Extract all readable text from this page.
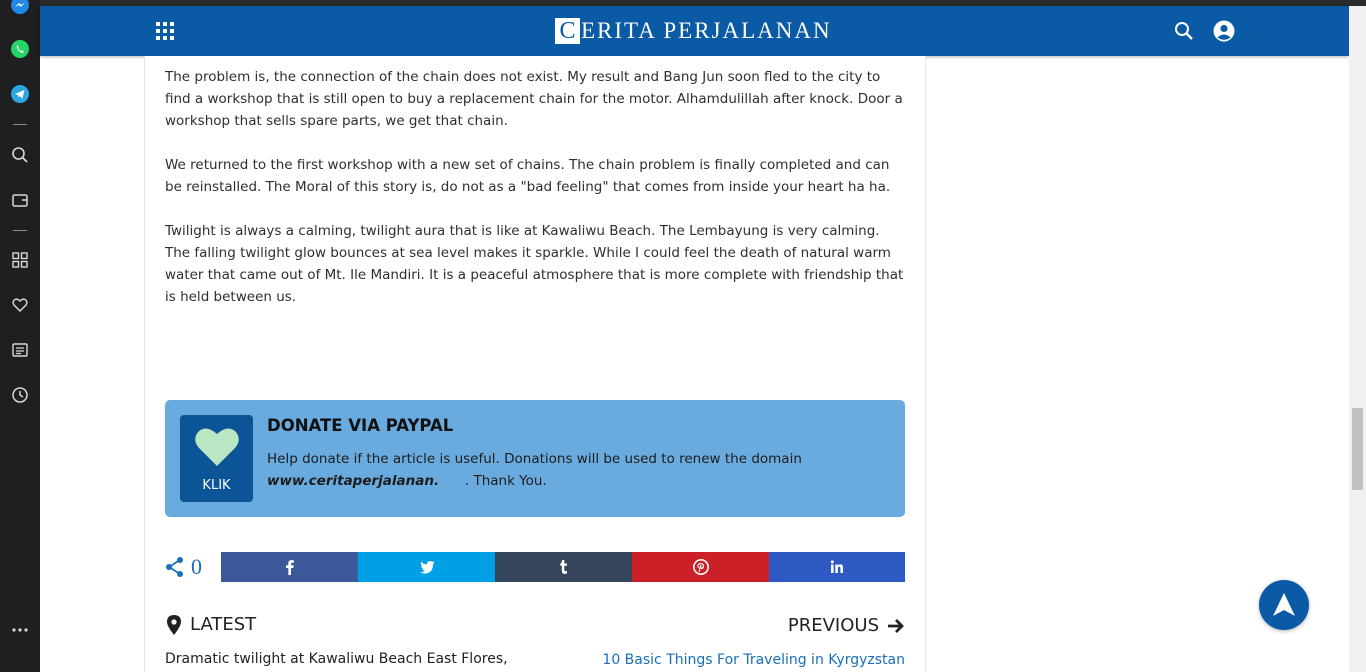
C ERITA PERJALANAN

The problem is, the connection of the chain does not exist. My result and Bang Jun soon fled to the city to find a workshop that is still open to buy a replacement chain for the motor. Alhamdulillah after knock. Door a workshop that sells spare parts, we get that chain.

We returned to the first workshop with a new set of chains. The chain problem is finally completed and can be reinstalled. The Moral of this story is, do not as a "bad feeling" that comes from inside your heart ha ha.

Twilight is always a calming, twilight aura that is like at Kawaliwu Beach. The Lembayung is very calming. The falling twilight glow bounces at sea level makes it sparkle. While I could feel the death of natural warm water that came out of Mt. Ile Mandiri. It is a peaceful atmosphere that is more complete with friendship that is held between us.

KLIK
DONATE VIA PAYPAL
Help donate if the article is useful. Donations will be used to renew the domain
www.ceritaperjalanan. . Thank You.
0
LATEST	PREVIOUS
Dramatic twilight at Kawaliwu Beach East Flores,	10 Basic Things For Traveling in Kyrgyzstan
